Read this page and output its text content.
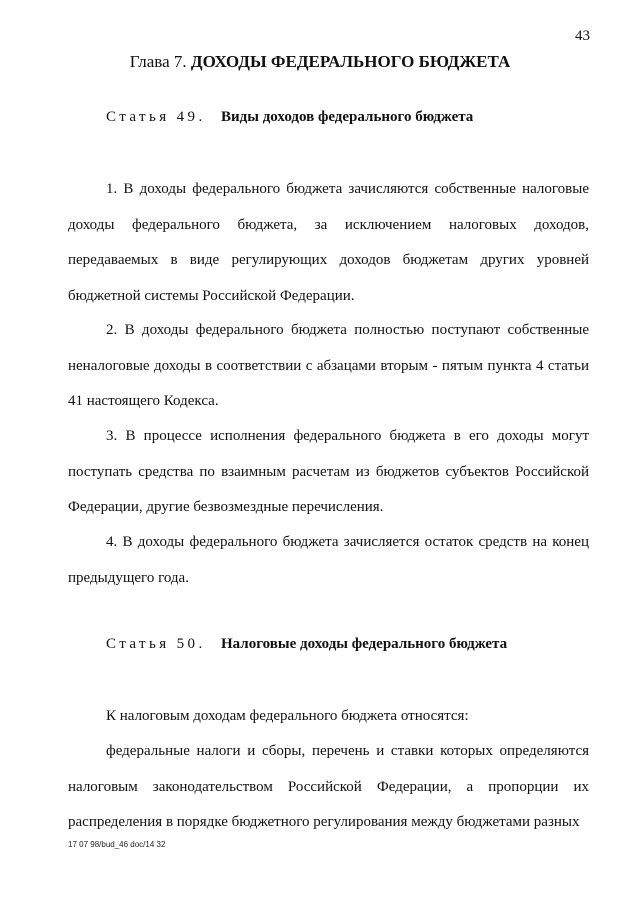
43
Глава 7. ДОХОДЫ ФЕДЕРАЛЬНОГО БЮДЖЕТА
Статья 49. Виды доходов федерального бюджета

1. В доходы федерального бюджета зачисляются собственные налоговые доходы федерального бюджета, за исключением налоговых доходов, передаваемых в виде регулирующих доходов бюджетам других уровней бюджетной системы Российской Федерации.

2. В доходы федерального бюджета полностью поступают собственные неналоговые доходы в соответствии с абзацами вторым - пятым пункта 4 статьи 41 настоящего Кодекса.

3. В процессе исполнения федерального бюджета в его доходы могут поступать средства по взаимным расчетам из бюджетов субъектов Российской Федерации, другие безвозмездные перечисления.

4. В доходы федерального бюджета зачисляется остаток средств на конец предыдущего года.

Статья 50. Налоговые доходы федерального бюджета

К налоговым доходам федерального бюджета относятся:

федеральные налоги и сборы, перечень и ставки которых определяются налоговым законодательством Российской Федерации, а пропорции их распределения в порядке бюджетного регулирования между бюджетами разных

17 07 98/bud_46 doc/14 32
